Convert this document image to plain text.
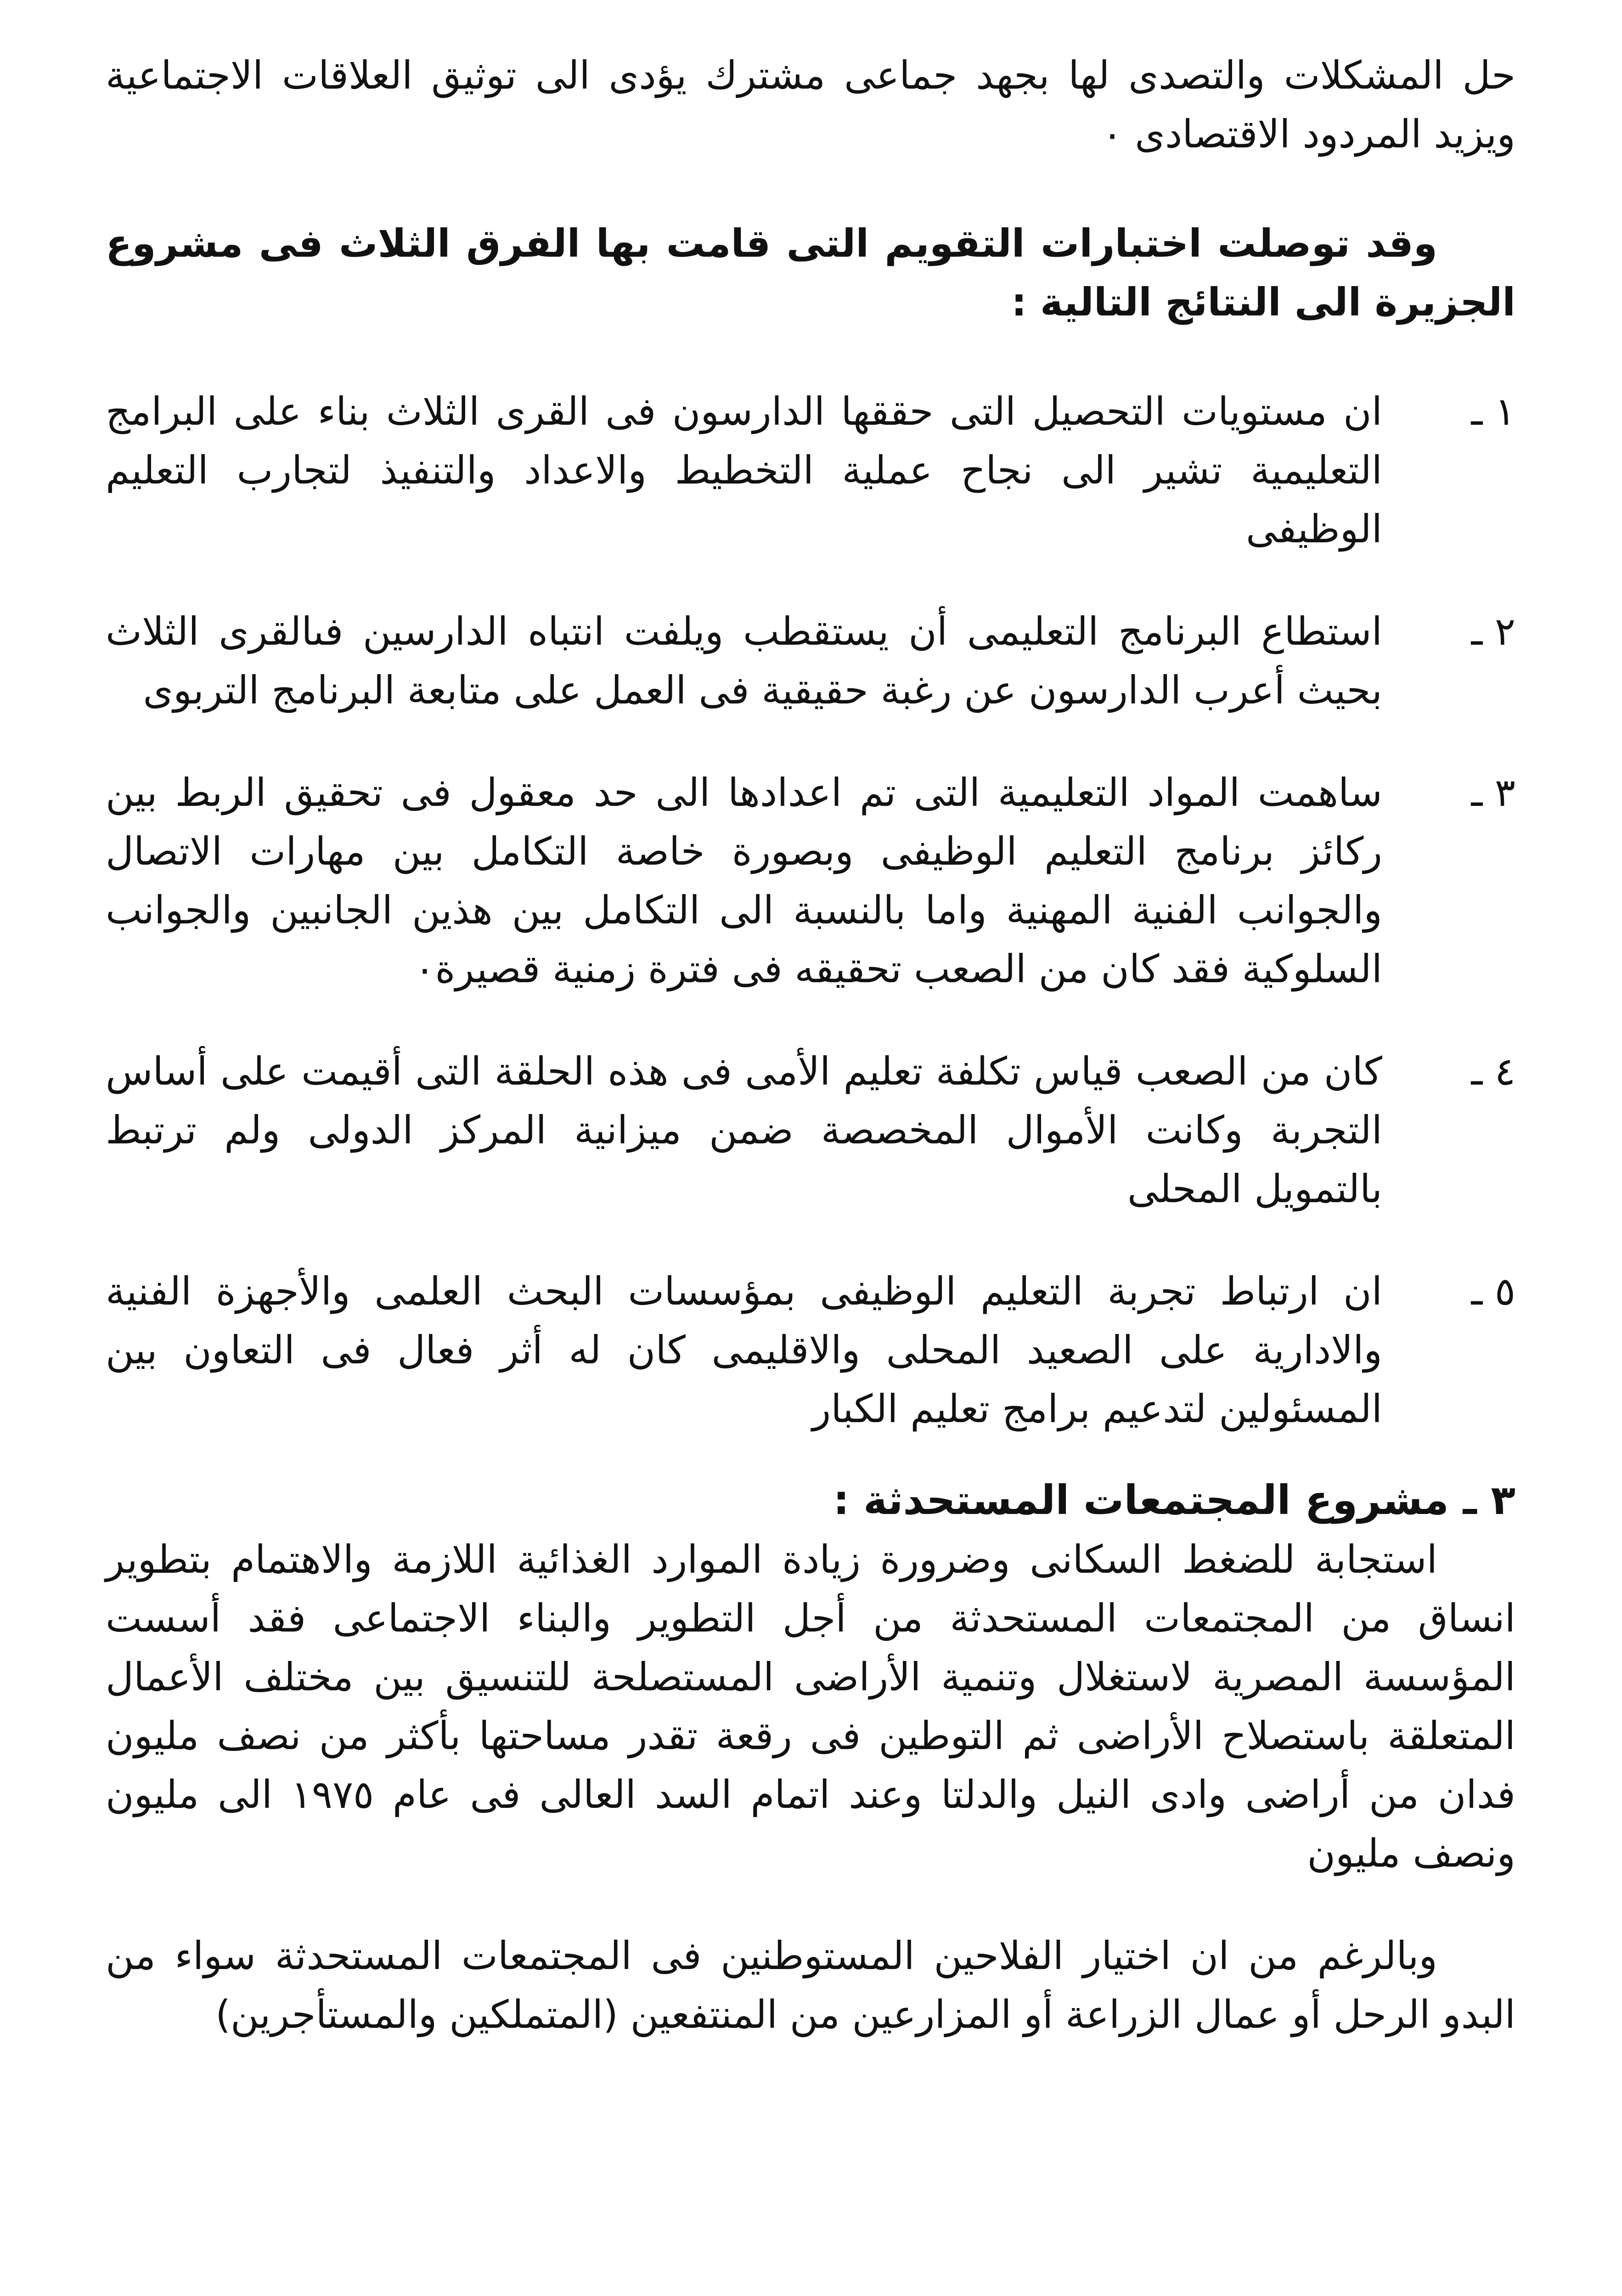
حل المشكلات والتصدى لها بجهد جماعى مشترك يؤدى الى توثيق العلاقات الاجتماعية ويزيد المردود الاقتصادى ٠

وقد توصلت اختبارات التقويم التى قامت بها الفرق الثلاث فى مشروع الجزيرة الى النتائج التالية :

١ ـ
ان مستويات التحصيل التى حققها الدارسون فى القرى الثلاث بناء على البرامج التعليمية تشير الى نجاح عملية التخطيط والاعداد والتنفيذ لتجارب التعليم الوظيفى
٢ ـ
استطاع البرنامج التعليمى أن يستقطب ويلفت انتباه الدارسين فىالقرى الثلاث بحيث أعرب الدارسون عن رغبة حقيقية فى العمل على متابعة البرنامج التربوى
٣ ـ
ساهمت المواد التعليمية التى تم اعدادها الى حد معقول فى تحقيق الربط بين ركائز برنامج التعليم الوظيفى وبصورة خاصة التكامل بين مهارات الاتصال والجوانب الفنية المهنية واما بالنسبة الى التكامل بين هذين الجانبين والجوانب السلوكية فقد كان من الصعب تحقيقه فى فترة زمنية قصيرة٠
٤ ـ
كان من الصعب قياس تكلفة تعليم الأمى فى هذه الحلقة التى أقيمت على أساس التجربة وكانت الأموال المخصصة ضمن ميزانية المركز الدولى ولم ترتبط بالتمويل المحلى
٥ ـ
ان ارتباط تجربة التعليم الوظيفى بمؤسسات البحث العلمى والأجهزة الفنية والادارية على الصعيد المحلى والاقليمى كان له أثر فعال فى التعاون بين المسئولين لتدعيم برامج تعليم الكبار
٣ ـ مشروع المجتمعات المستحدثة :

استجابة للضغط السكانى وضرورة زيادة الموارد الغذائية اللازمة والاهتمام بتطوير انساق من المجتمعات المستحدثة من أجل التطوير والبناء الاجتماعى فقد أسست المؤسسة المصرية لاستغلال وتنمية الأراضى المستصلحة للتنسيق بين مختلف الأعمال المتعلقة باستصلاح الأراضى ثم التوطين فى رقعة تقدر مساحتها بأكثر من نصف مليون فدان من أراضى وادى النيل والدلتا وعند اتمام السد العالى فى عام ١٩٧٥ الى مليون ونصف مليون

وبالرغم من ان اختيار الفلاحين المستوطنين فى المجتمعات المستحدثة سواء من البدو الرحل أو عمال الزراعة أو المزارعين من المنتفعين (المتملكين والمستأجرين)
